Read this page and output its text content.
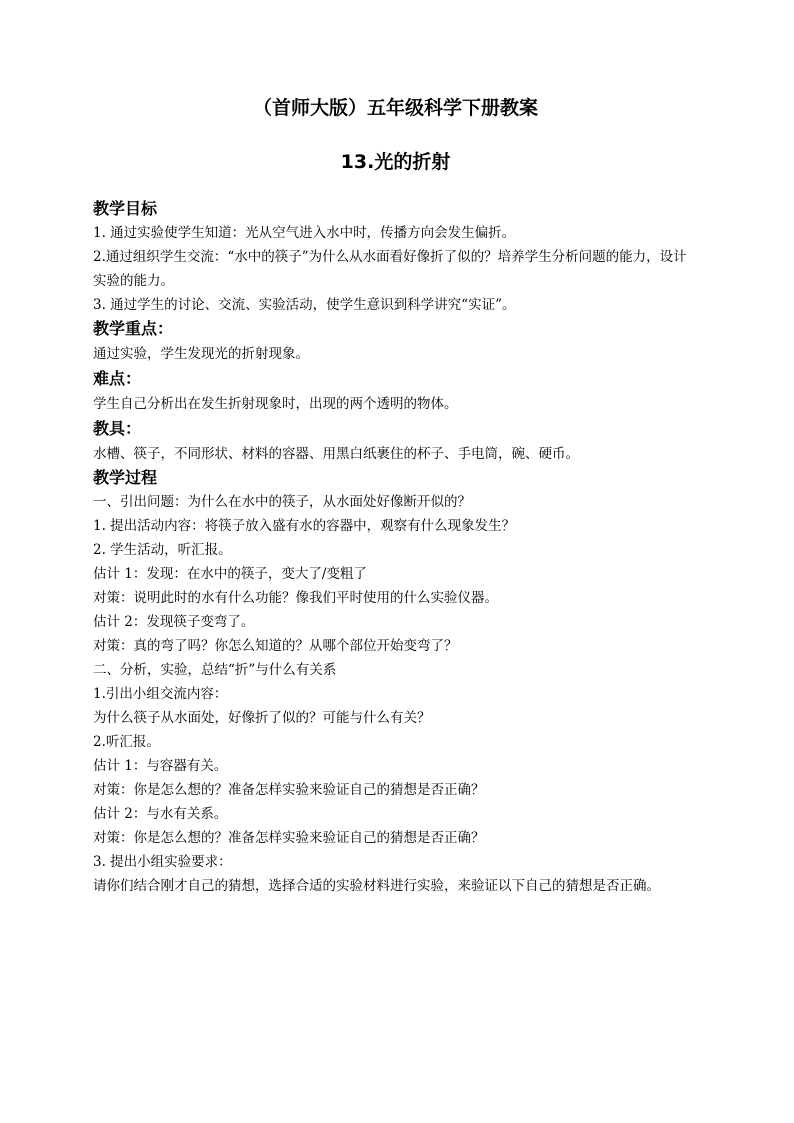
（首师大版）五年级科学下册教案
13.光的折射
教学目标

1. 通过实验使学生知道：光从空气进入水中时，传播方向会发生偏折。

2.通过组织学生交流：“水中的筷子”为什么从水面看好像折了似的？培养学生分析问题的能力，设计实验的能力。

3. 通过学生的讨论、交流、实验活动，使学生意识到科学讲究“实证”。

教学重点：

通过实验，学生发现光的折射现象。

难点：

学生自己分析出在发生折射现象时，出现的两个透明的物体。

教具：

水槽、筷子，不同形状、材料的容器、用黑白纸裹住的杯子、手电筒，碗、硬币。

教学过程

一、引出问题：为什么在水中的筷子，从水面处好像断开似的？

1. 提出活动内容：将筷子放入盛有水的容器中，观察有什么现象发生？

2. 学生活动，听汇报。

估计 1：发现：在水中的筷子，变大了/变粗了

对策：说明此时的水有什么功能？像我们平时使用的什么实验仪器。

估计 2：发现筷子变弯了。

对策：真的弯了吗？你怎么知道的？从哪个部位开始变弯了？

二、分析，实验，总结“折”与什么有关系

1.引出小组交流内容：

为什么筷子从水面处，好像折了似的？可能与什么有关？

2.听汇报。

估计 1：与容器有关。

对策：你是怎么想的？准备怎样实验来验证自己的猜想是否正确？

估计 2：与水有关系。

对策：你是怎么想的？准备怎样实验来验证自己的猜想是否正确？

3. 提出小组实验要求：

请你们结合刚才自己的猜想，选择合适的实验材料进行实验，来验证以下自己的猜想是否正确。
